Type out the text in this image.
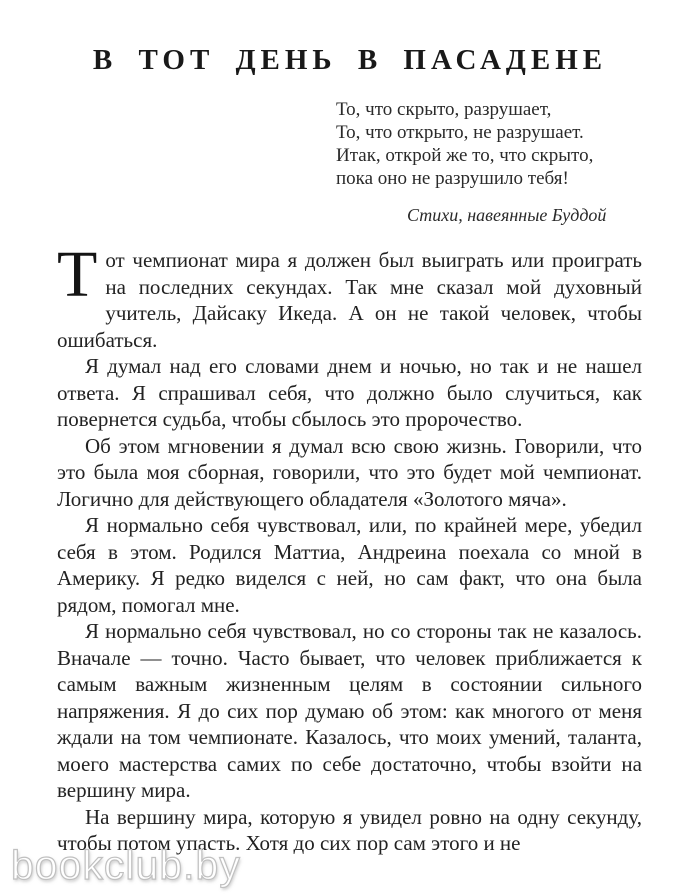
В ТОТ ДЕНЬ В ПАСАДЕНЕ
То, что скрыто, разрушает,
То, что открыто, не разрушает.
Итак, открой же то, что скрыто,
пока оно не разрушило тебя!
Стихи, навеянные Буддой

Тот чемпионат мира я должен был выиграть или проиграть на последних секундах. Так мне сказал мой духовный учитель, Дайсаку Икеда. А он не такой человек, чтобы ошибаться.

Я думал над его словами днем и ночью, но так и не нашел ответа. Я спрашивал себя, что должно было случиться, как повернется судьба, чтобы сбылось это пророчество.

Об этом мгновении я думал всю свою жизнь. Говорили, что это была моя сборная, говорили, что это будет мой чемпионат. Логично для действующего обладателя «Золотого мяча».

Я нормально себя чувствовал, или, по крайней мере, убедил себя в этом. Родился Маттиа, Андреина поехала со мной в Америку. Я редко виделся с ней, но сам факт, что она была рядом, помогал мне.

Я нормально себя чувствовал, но со стороны так не казалось. Вначале — точно. Часто бывает, что человек приближается к самым важным жизненным целям в состоянии сильного напряжения. Я до сих пор думаю об этом: как многого от меня ждали на том чемпионате. Казалось, что моих умений, таланта, моего мастерства самих по себе достаточно, чтобы взойти на вершину мира.

На вершину мира, которую я увидел ровно на одну секунду, чтобы потом упасть. Хотя до сих пор сам этого и не

bookclub.by
